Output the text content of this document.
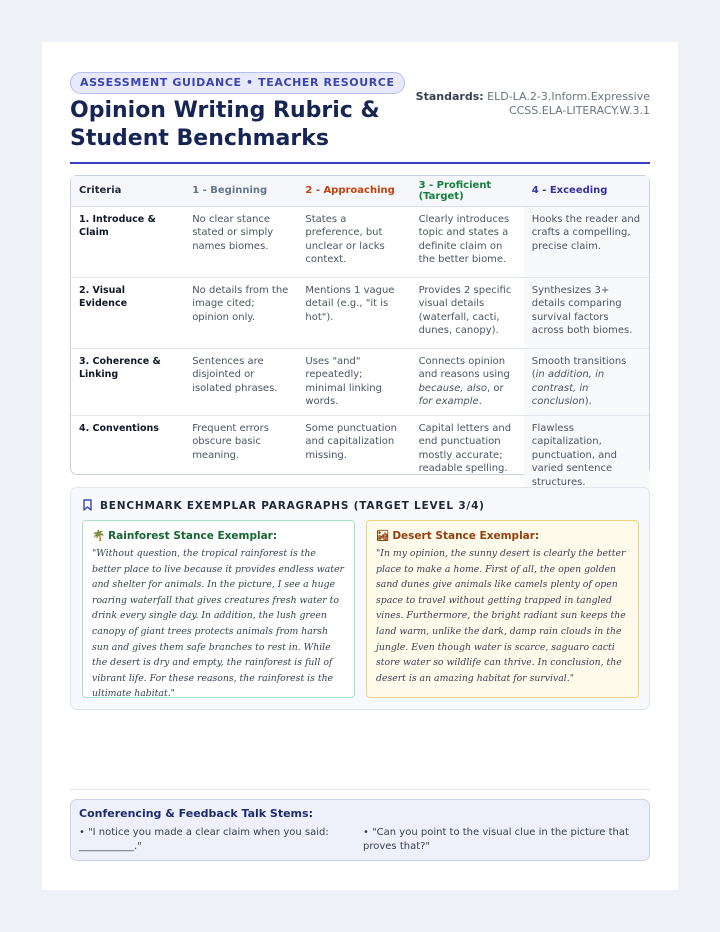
ASSESSMENT GUIDANCE • TEACHER RESOURCE
Opinion Writing Rubric & Student Benchmarks
Standards: ELD-LA.2-3.Inform.Expressive
CCSS.ELA-LITERACY.W.3.1
Criteria	1 - Beginning	2 - Approaching	3 - Proficient (Target)	4 - Exceeding
1. Introduce & Claim	No clear stance stated or simply names biomes.	States a preference, but unclear or lacks context.	Clearly introduces topic and states a definite claim on the better biome.	Hooks the reader and crafts a compelling, precise claim.
2. Visual Evidence	No details from the image cited; opinion only.	Mentions 1 vague detail (e.g., "it is hot").	Provides 2 specific visual details (waterfall, cacti, dunes, canopy).	Synthesizes 3+ details comparing survival factors across both biomes.
3. Coherence & Linking	Sentences are disjointed or isolated phrases.	Uses "and" repeatedly; minimal linking words.	Connects opinion and reasons using because, also, or for example.	Smooth transitions (in addition, in contrast, in conclusion).
4. Conventions	Frequent errors obscure basic meaning.	Some punctuation and capitalization missing.	Capital letters and end punctuation mostly accurate; readable spelling.	Flawless capitalization, punctuation, and varied sentence structures.
BENCHMARK EXEMPLAR PARAGRAPHS (TARGET LEVEL 3/4)
🌴 Rainforest Stance Exemplar:
"Without question, the tropical rainforest is the better place to live because it provides endless water and shelter for animals. In the picture, I see a huge roaring waterfall that gives creatures fresh water to drink every single day. In addition, the lush green canopy of giant trees protects animals from harsh sun and gives them safe branches to rest in. While the desert is dry and empty, the rainforest is full of vibrant life. For these reasons, the rainforest is the ultimate habitat."
🏜 Desert Stance Exemplar:
"In my opinion, the sunny desert is clearly the better place to make a home. First of all, the open golden sand dunes give animals like camels plenty of open space to travel without getting trapped in tangled vines. Furthermore, the bright radiant sun keeps the land warm, unlike the dark, damp rain clouds in the jungle. Even though water is scarce, saguaro cacti store water so wildlife can thrive. In conclusion, the desert is an amazing habitat for survival."
Conferencing & Feedback Talk Stems:
• "I notice you made a clear claim when you said: ___________."
• "Can you point to the visual clue in the picture that proves that?"
